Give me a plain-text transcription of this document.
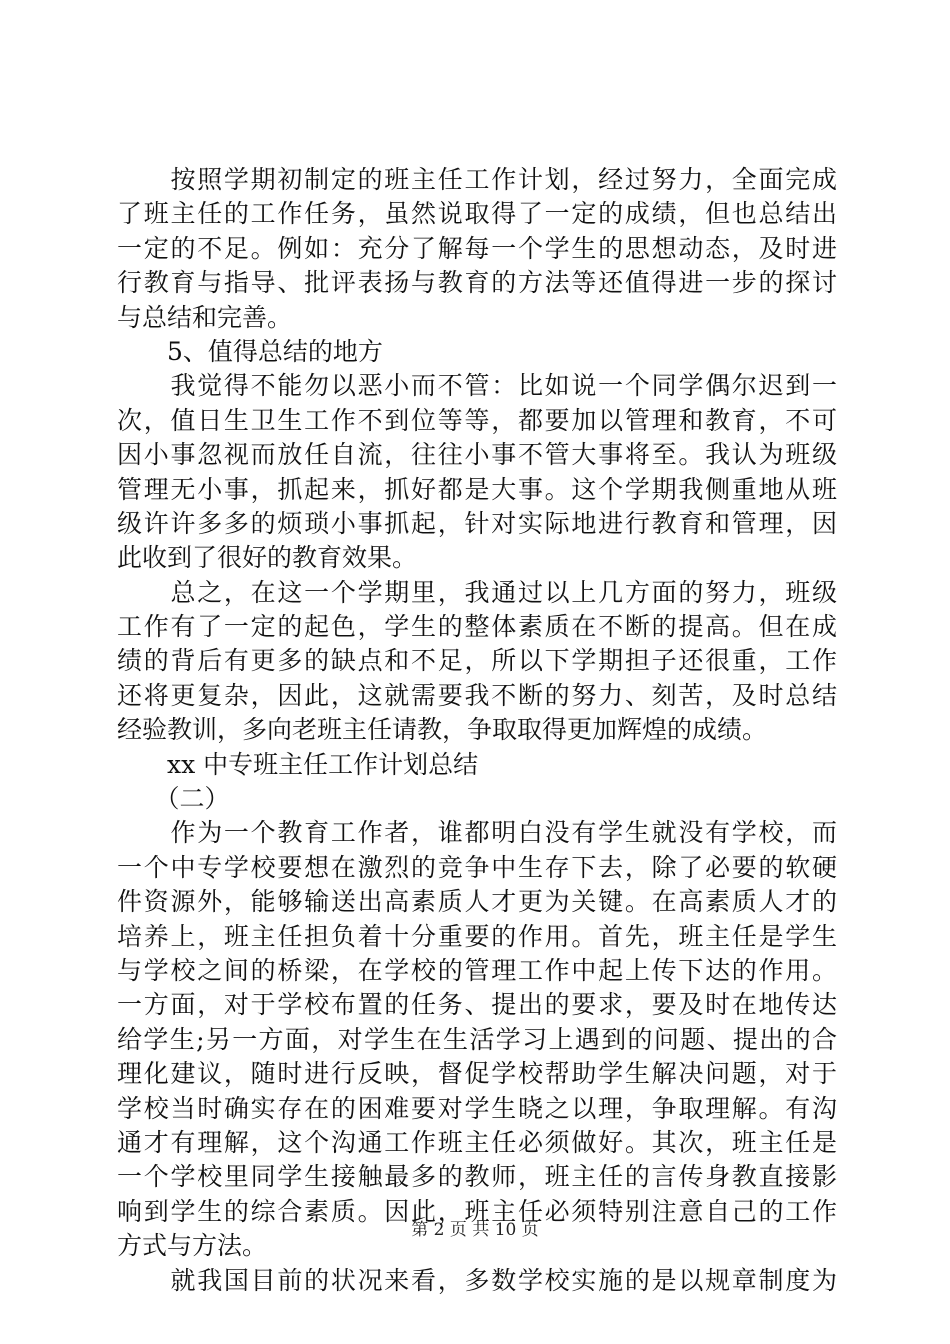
　　按照学期初制定的班主任工作计划，经过努力，全面完成
了班主任的工作任务，虽然说取得了一定的成绩，但也总结出
一定的不足。例如：充分了解每一个学生的思想动态，及时进
行教育与指导、批评表扬与教育的方法等还值得进一步的探讨
与总结和完善。
　　5、值得总结的地方
　　我觉得不能勿以恶小而不管：比如说一个同学偶尔迟到一
次，值日生卫生工作不到位等等，都要加以管理和教育，不可
因小事忽视而放任自流，往往小事不管大事将至。我认为班级
管理无小事，抓起来，抓好都是大事。这个学期我侧重地从班
级许许多多的烦琐小事抓起，针对实际地进行教育和管理，因
此收到了很好的教育效果。
　　总之，在这一个学期里，我通过以上几方面的努力，班级
工作有了一定的起色，学生的整体素质在不断的提高。但在成
绩的背后有更多的缺点和不足，所以下学期担子还很重，工作
还将更复杂，因此，这就需要我不断的努力、刻苦，及时总结
经验教训，多向老班主任请教，争取取得更加辉煌的成绩。
　　xx 中专班主任工作计划总结
　　（二）
　　作为一个教育工作者，谁都明白没有学生就没有学校，而
一个中专学校要想在激烈的竞争中生存下去，除了必要的软硬
件资源外，能够输送出高素质人才更为关键。在高素质人才的
培养上，班主任担负着十分重要的作用。首先，班主任是学生
与学校之间的桥梁，在学校的管理工作中起上传下达的作用。
一方面，对于学校布置的任务、提出的要求，要及时在地传达
给学生;另一方面，对学生在生活学习上遇到的问题、提出的合
理化建议，随时进行反映，督促学校帮助学生解决问题，对于
学校当时确实存在的困难要对学生晓之以理，争取理解。有沟
通才有理解，这个沟通工作班主任必须做好。其次，班主任是
一个学校里同学生接触最多的教师，班主任的言传身教直接影
响到学生的综合素质。因此，班主任必须特别注意自己的工作
方式与方法。
　　就我国目前的状况来看，多数学校实施的是以规章制度为
第 2 页 共 10 页
